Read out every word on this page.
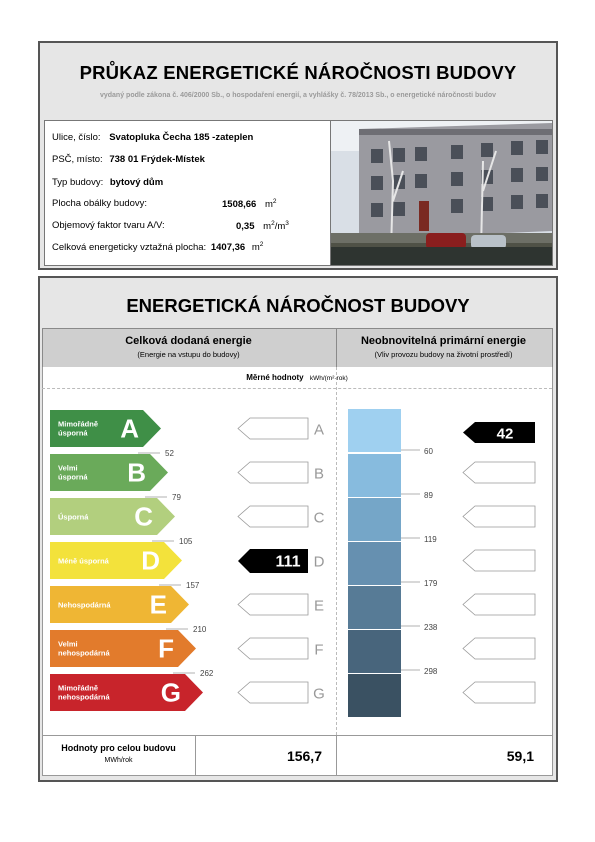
PRŮKAZ ENERGETICKÉ NÁROČNOSTI BUDOVY
vydaný podle zákona č. 406/2000 Sb., o hospodaření energií, a vyhlášky č. 78/2013 Sb., o energetické náročnosti budov
Ulice, číslo: Svatopluka Čecha 185 -zateplen
PSČ, místo: 738 01 Frýdek-Místek
Typ budovy: bytový dům
Plocha obálky budovy:	1508,66 $m^2$
Objemový faktor tvaru A/V:	0,35 $m^2/m^3$
Celková energeticky vztažná plocha: 1407,36 $m^2$
ENERGETICKÁ NÁROČNOST BUDOVY
Celková dodaná energie
(Energie na vstupu do budovy)
Neobnovitelná primární energie
(Vliv provozu budovy na životní prostředí)
Měrné hodnoty kWh/(m²·rok)
Mimořádně
úsporná A
52
A
60
42
Velmi
úsporná B
79
B
89
Úsporná C
105
C
119
Méně úsporná D
157
111 D
179
Nehospodárná E
210
E
238
Velmi
nehospodárná F
262
F
298
Mimořádně
nehospodárná G	G
Hodnoty pro celou budovu
MWh/rok	156,7	59,1
